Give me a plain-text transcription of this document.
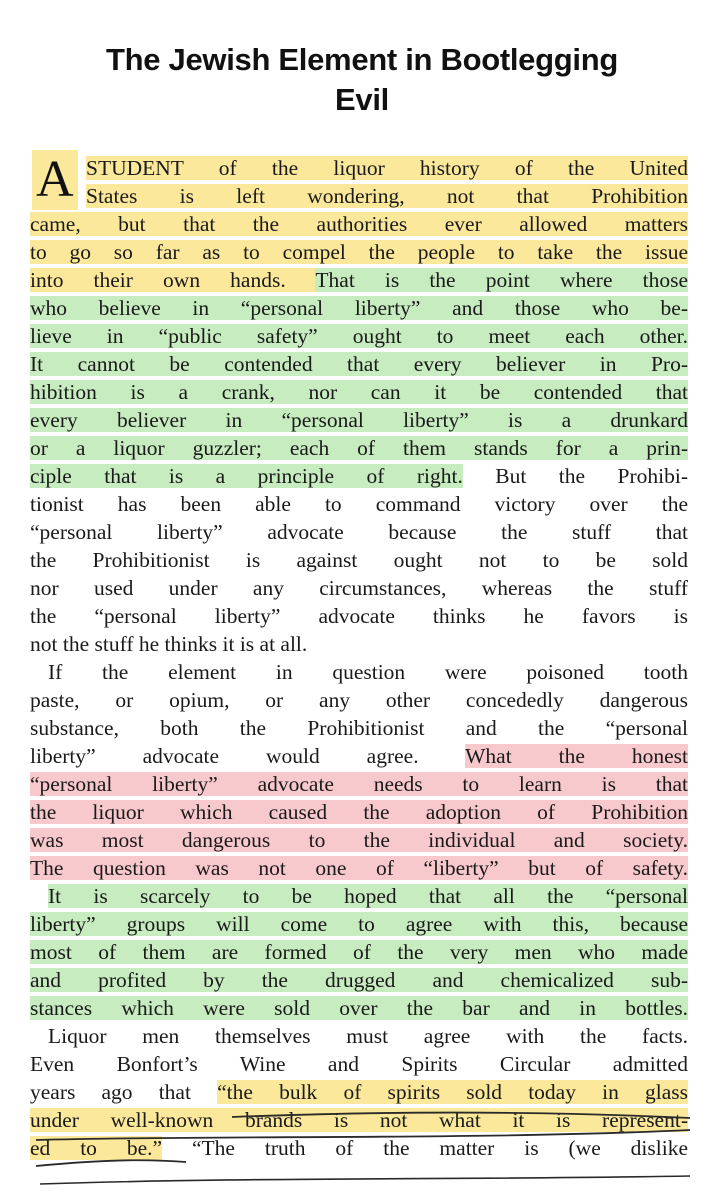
The Jewish Element in Bootlegging
Evil
A STUDENT of the liquor history of the United
States is left wondering, not that Prohibition
came, but that the authorities ever allowed matters
to go so far as to compel the people to take the issue
into their own hands. That is the point where those
who believe in “personal liberty” and those who be-
lieve in “public safety” ought to meet each other.
It cannot be contended that every believer in Pro-
hibition is a crank, nor can it be contended that
every believer in “personal liberty” is a drunkard
or a liquor guzzler; each of them stands for a prin-
ciple that is a principle of right. But the Prohibi-
tionist has been able to command victory over the
“personal liberty” advocate because the stuff that
the Prohibitionist is against ought not to be sold
nor used under any circumstances, whereas the stuff
the “personal liberty” advocate thinks he favors is
not the stuff he thinks it is at all.
If the element in question were poisoned tooth
paste, or opium, or any other concededly dangerous
substance, both the Prohibitionist and the “personal
liberty” advocate would agree. What the honest
“personal liberty” advocate needs to learn is that
the liquor which caused the adoption of Prohibition
was most dangerous to the individual and society.
The question was not one of “liberty” but of safety.
It is scarcely to be hoped that all the “personal
liberty” groups will come to agree with this, because
most of them are formed of the very men who made
and profited by the drugged and chemicalized sub-
stances which were sold over the bar and in bottles.
Liquor men themselves must agree with the facts.
Even Bonfort’s Wine and Spirits Circular admitted
years ago that “the bulk of spirits sold today in glass
under well-known brands is not what it is represent-
ed to be.” “The truth of the matter is (we dislike
